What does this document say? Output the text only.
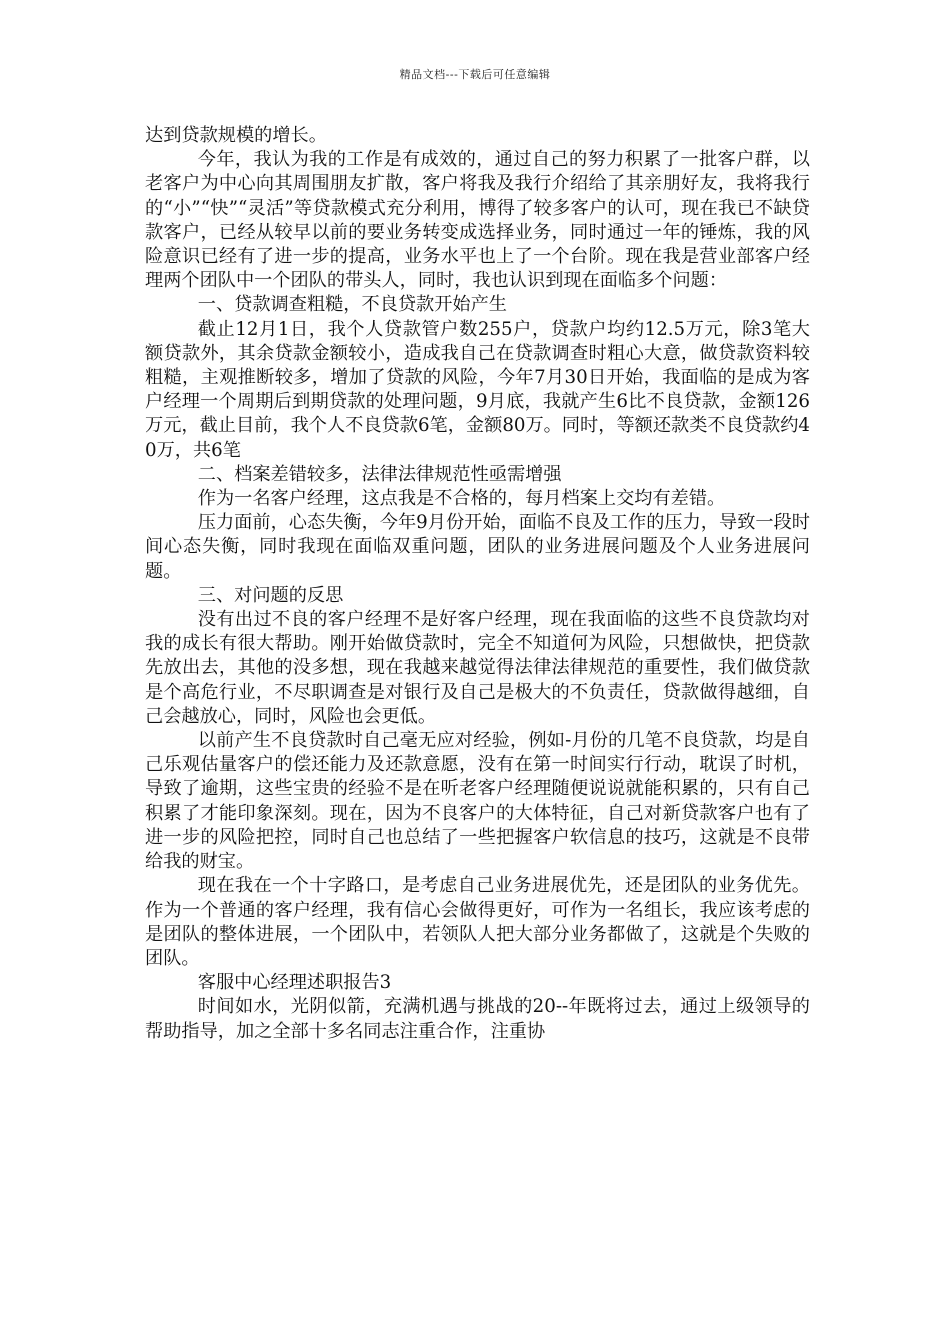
精品文档---下载后可任意编辑

达到贷款规模的增长。

今年，我认为我的工作是有成效的，通过自己的努力积累了一批客户群，以老客户为中心向其周围朋友扩散，客户将我及我行介绍给了其亲朋好友，我将我行的“小”“快”“灵活”等贷款模式充分利用，博得了较多客户的认可，现在我已不缺贷款客户，已经从较早以前的要业务转变成选择业务，同时通过一年的锤炼，我的风险意识已经有了进一步的提高，业务水平也上了一个台阶。现在我是营业部客户经理两个团队中一个团队的带头人，同时，我也认识到现在面临多个问题：

一、贷款调查粗糙，不良贷款开始产生

截止12月1日，我个人贷款管户数255户，贷款户均约12.5万元，除3笔大额贷款外，其余贷款金额较小，造成我自己在贷款调查时粗心大意，做贷款资料较粗糙，主观推断较多，增加了贷款的风险，今年7月30日开始，我面临的是成为客户经理一个周期后到期贷款的处理问题，9月底，我就产生6比不良贷款，金额126万元，截止目前，我个人不良贷款6笔，金额80万。同时，等额还款类不良贷款约40万，共6笔

二、档案差错较多，法律法律规范性亟需增强

作为一名客户经理，这点我是不合格的，每月档案上交均有差错。

压力面前，心态失衡，今年9月份开始，面临不良及工作的压力，导致一段时间心态失衡，同时我现在面临双重问题，团队的业务进展问题及个人业务进展问题。

三、对问题的反思

没有出过不良的客户经理不是好客户经理，现在我面临的这些不良贷款均对我的成长有很大帮助。刚开始做贷款时，完全不知道何为风险，只想做快，把贷款先放出去，其他的没多想，现在我越来越觉得法律法律规范的重要性，我们做贷款是个高危行业，不尽职调查是对银行及自己是极大的不负责任，贷款做得越细，自己会越放心，同时，风险也会更低。

以前产生不良贷款时自己毫无应对经验，例如-月份的几笔不良贷款，均是自己乐观估量客户的偿还能力及还款意愿，没有在第一时间实行行动，耽误了时机，导致了逾期，这些宝贵的经验不是在听老客户经理随便说说就能积累的，只有自己积累了才能印象深刻。现在，因为不良客户的大体特征，自己对新贷款客户也有了进一步的风险把控，同时自己也总结了一些把握客户软信息的技巧，这就是不良带给我的财宝。

现在我在一个十字路口，是考虑自己业务进展优先，还是团队的业务优先。作为一个普通的客户经理，我有信心会做得更好，可作为一名组长，我应该考虑的是团队的整体进展，一个团队中，若领队人把大部分业务都做了，这就是个失败的团队。

客服中心经理述职报告3

时间如水，光阴似箭，充满机遇与挑战的20--年既将过去，通过上级领导的帮助指导，加之全部十多名同志注重合作，注重协
